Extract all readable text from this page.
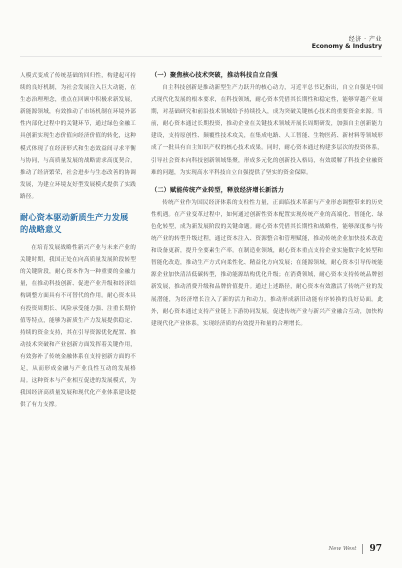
经济 · 产业
Economy & Industry

人模式变成了传统基础的回归性，构建起可持续的良好机制，为社会发展注入巨大动能，在生态治理理念，重点在回顾中积极求新发展，新能源领域，有效推动了市场机制在环境外部性内部化过程中的关键环节，通过绿色金融工具创新实现生态价值向经济价值的转化，这种模式体现了在经济形式和生态效益间寻求平衡与协同，与高质量发展的战略需求高度契合，推动了经济繁荣，社会进步与生态改善的协调发展，为建立环境友好型发展模式提供了实践路径。

耐心资本驱动新质生产力发展的战略意义

在培育发展战略性新兴产业与未来产业的关键时期，我国正处在向高质量发展阶段转型的关键阶段，耐心资本作为一种重要的金融力量，在推动科技创新、促进产业升级和经济结构调整方面具有不可替代的作用。耐心资本具有投资周期长、风险承受能力强、注重长期价值等特点，能够为新质生产力发展提供稳定、持续的资金支持，其在引导资源优化配置、推动技术突破和产业创新方面发挥着关键作用，有效弥补了传统金融体系在支持创新方面的不足，从而形成金融与产业良性互动的发展格局。这种资本与产业相互促进的发展模式，为我国经济高质量发展和现代化产业体系建设提供了有力支撑。

（一）聚焦核心技术突破，推动科技自立自强

自主科技创新是推动新型生产力跃升的核心动力，习近平总书记指出，自立自强是中国式现代化发展的根本要求，在科技领域，耐心资本凭借其长期性和稳定性，能够穿越产业周期，对基础研究和前沿技术领域给予持续投入，成为突破关键核心技术的重要资金来源。当前，耐心资本通过长期投资，推动企业在关键技术领域开展长周期研发，加强自主创新能力建设，支持原创性、颠覆性技术攻关，在集成电路、人工智能、生物医药、新材料等领域形成了一批具有自主知识产权的核心技术成果。同时，耐心资本通过构建多层次的投资体系，引导社会资本向科技创新领域集聚，形成多元化的创新投入格局，有效缓解了科技企业融资难的问题，为实现高水平科技自立自强提供了坚实的资金保障。

（二）赋能传统产业转型，释放经济增长新活力

传统产业作为国民经济体系的支柱性力量，正面临技术革新与产业形态调整带来的历史性机遇。在产业变革过程中，如何通过创新性资本配置实现传统产业的高端化、智能化、绿色化转型，成为新发展阶段的关键命题。耐心资本凭借其长期性和战略性，能够深度参与传统产业的转型升级过程，通过资本注入、资源整合和管理赋能，推动传统企业加快技术改造和设备更新，提升全要素生产率。在制造业领域，耐心资本重点支持企业实施数字化转型和智能化改造，推动生产方式向柔性化、精益化方向发展；在能源领域，耐心资本引导传统能源企业加快清洁低碳转型，推动能源结构优化升级；在消费领域，耐心资本支持传统品牌创新发展，推动消费升级和品牌价值提升。通过上述路径，耐心资本有效激活了传统产业的发展潜能，为经济增长注入了新的活力和动力，推动形成新旧动能有序转换的良好局面。此外，耐心资本通过支持产业链上下游协同发展，促进传统产业与新兴产业融合互动，加快构建现代化产业体系，实现经济质的有效提升和量的合理增长。

New West 97
